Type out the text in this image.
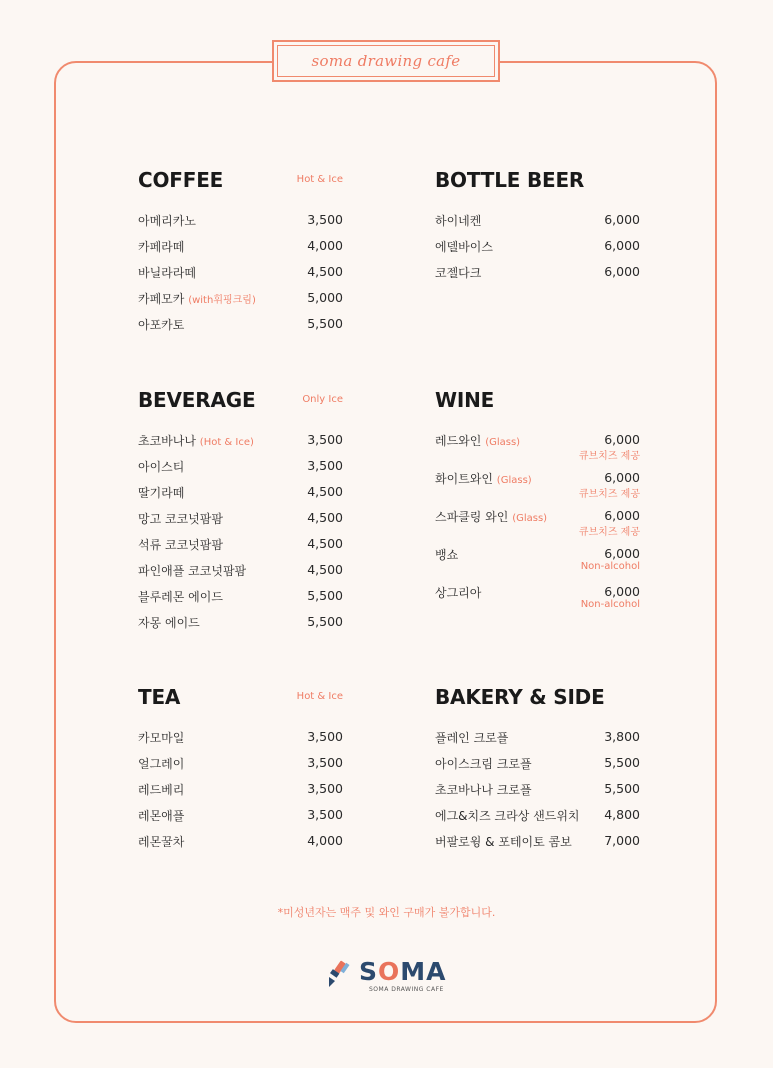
soma drawing cafe
COFFEE	Hot & Ice
아메리카노	3,500
카페라떼	4,000
바닐라라떼	4,500
카페모카 (with휘핑크림)	5,000
아포카토	5,500
BOTTLE BEER
하이네켄	6,000
에델바이스	6,000
코젤다크	6,000
BEVERAGE	Only Ice
초코바나나 (Hot & Ice)	3,500
아이스티	3,500
딸기라떼	4,500
망고 코코넛팜팜	4,500
석류 코코넛팜팜	4,500
파인애플 코코넛팜팜	4,500
블루레몬 에이드	5,500
자몽 에이드	5,500
WINE
레드와인 (Glass)	6,000
큐브치즈 제공
화이트와인 (Glass)	6,000
큐브치즈 제공
스파클링 와인 (Glass)	6,000
큐브치즈 제공
뱅쇼	6,000
Non-alcohol
상그리아	6,000
Non-alcohol
TEA	Hot & Ice
카모마일	3,500
얼그레이	3,500
레드베리	3,500
레몬애플	3,500
레몬꿀차	4,000
BAKERY & SIDE
플레인 크로플	3,800
아이스크림 크로플	5,500
초코바나나 크로플	5,500
에그&치즈 크라상 샌드위치 4,800
버팔로윙 & 포테이토 콤보	7,000
*미성년자는 맥주 및 와인 구매가 불가합니다.
SOMA
SOMA DRAWING CAFE
